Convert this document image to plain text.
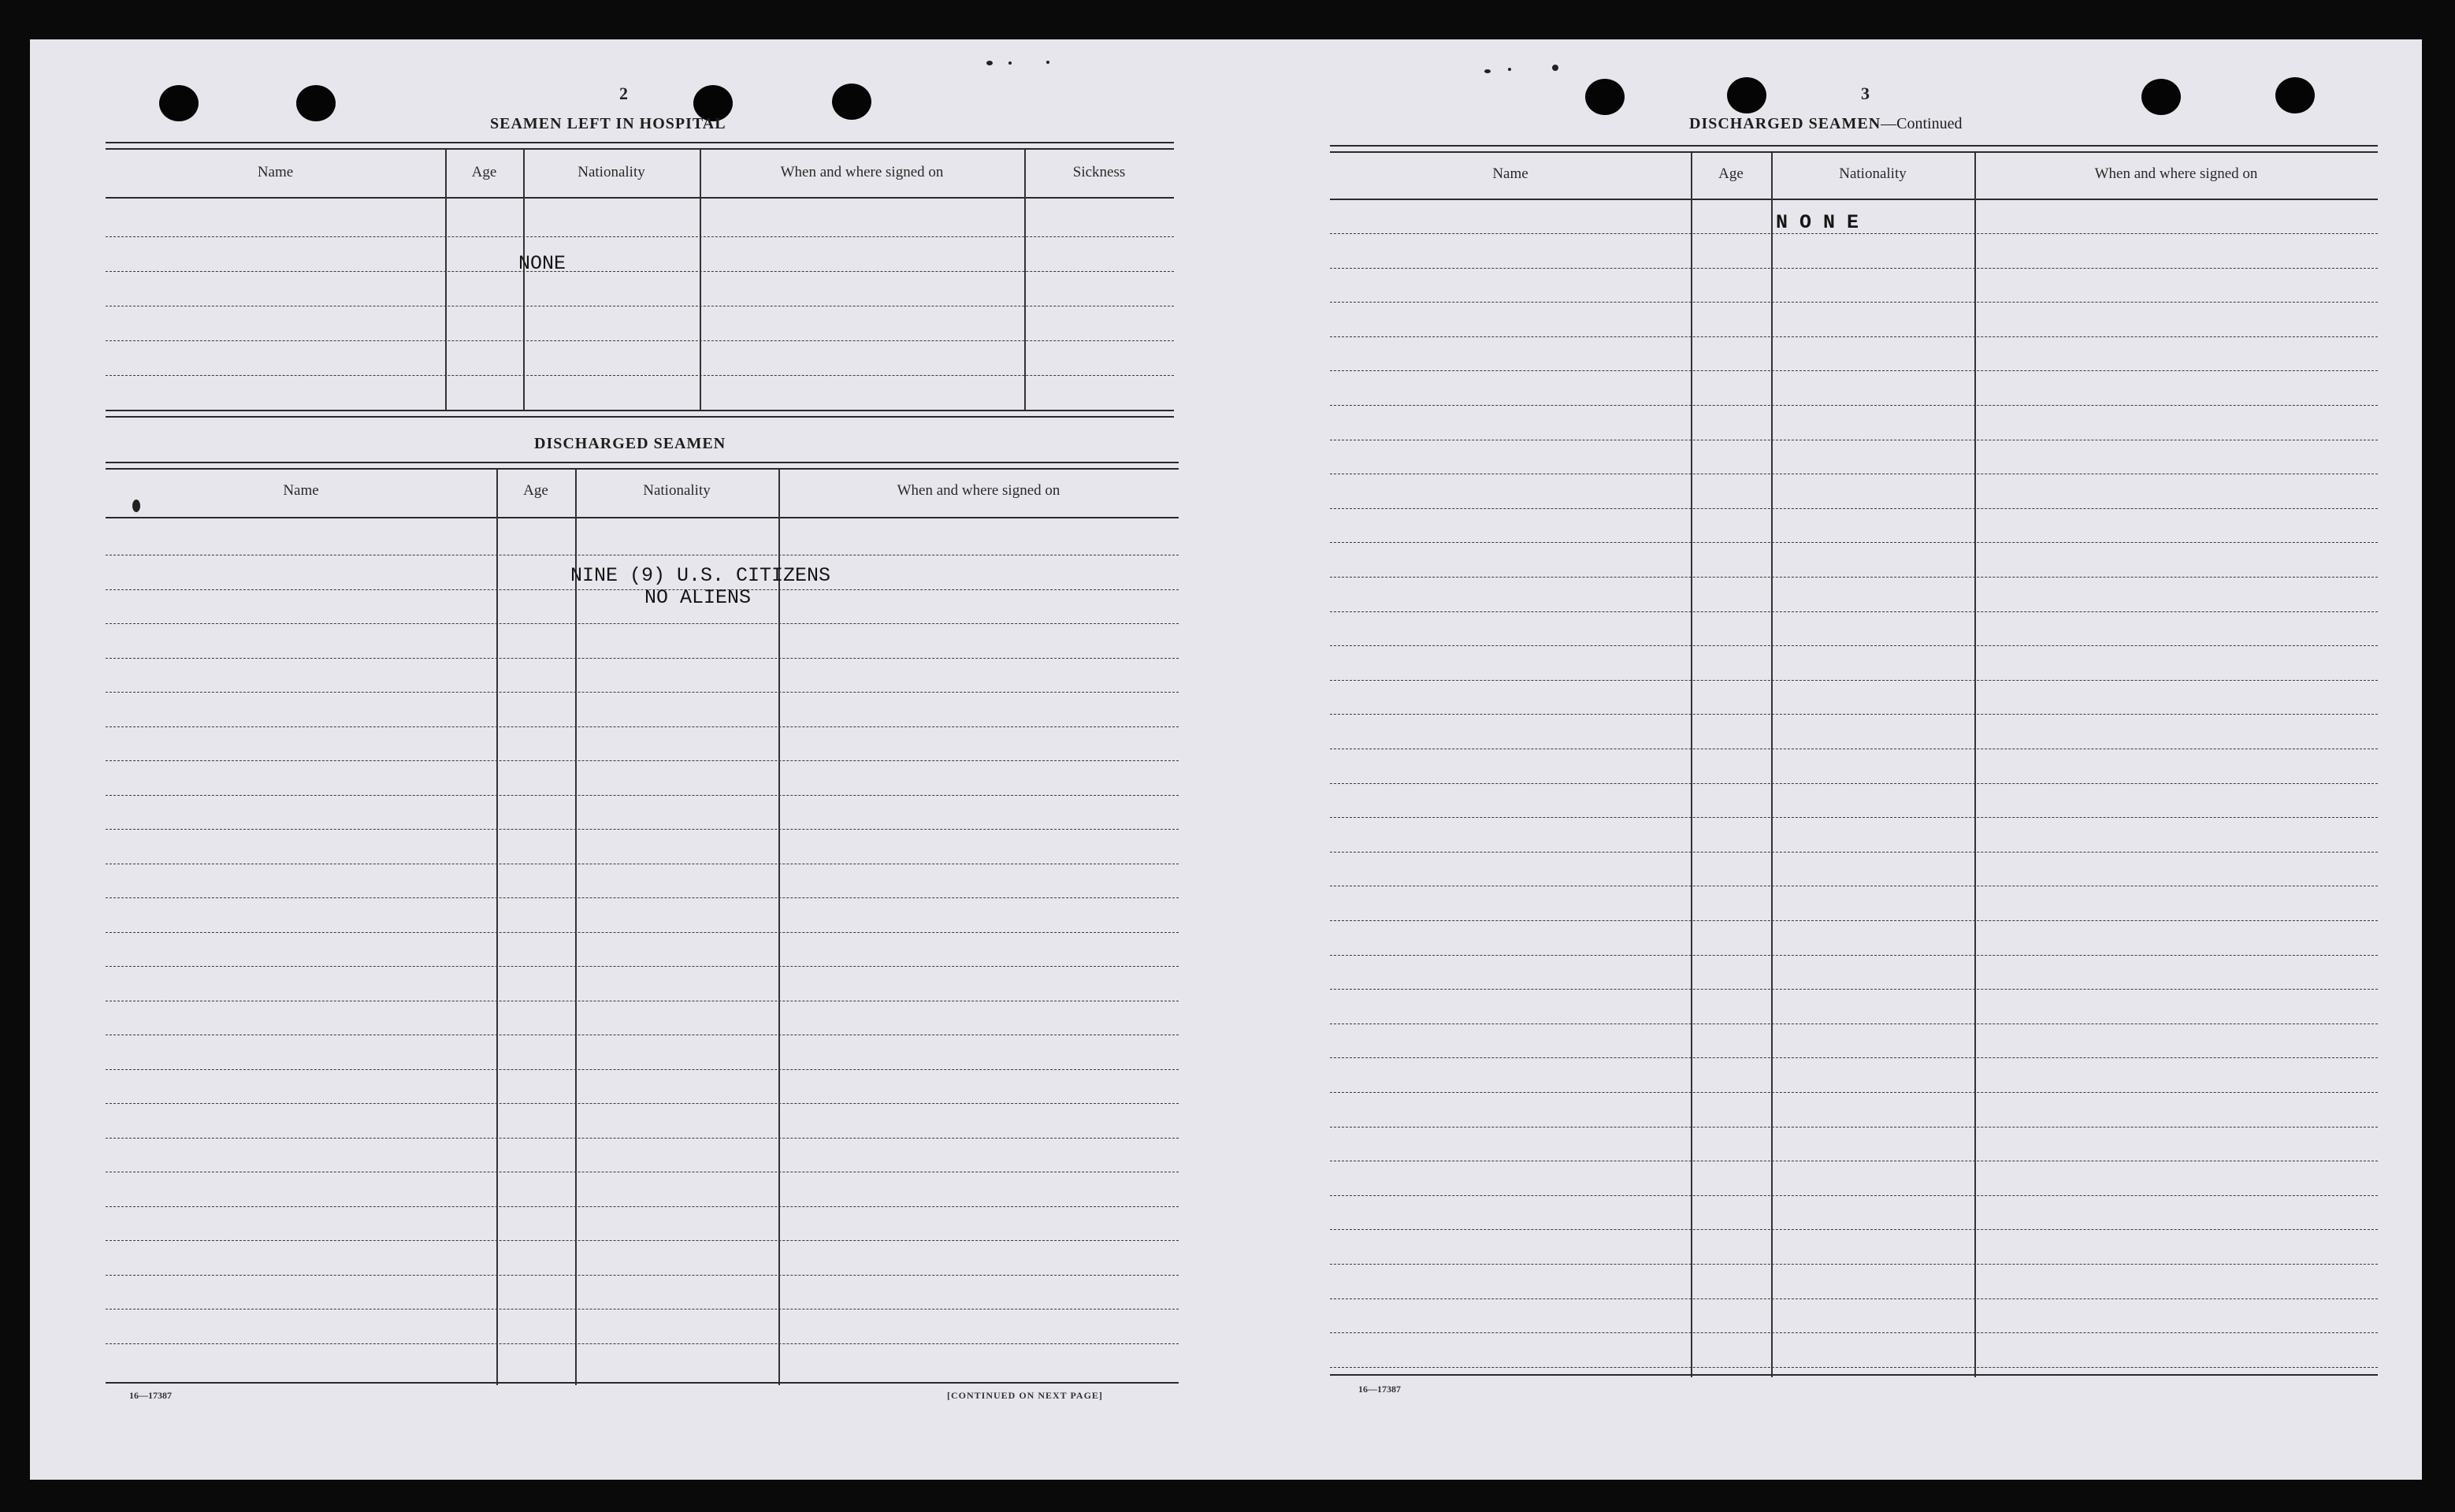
2
SEAMEN LEFT IN HOSPITAL
Name	Age	Nationality	When and where signed on	Sickness
NONE
DISCHARGED SEAMEN
Name	Age	Nationality	When and where signed on
NINE (9) U.S. CITIZENS
NO ALIENS
16—17387	[CONTINUED ON NEXT PAGE]
3
DISCHARGED SEAMEN—Continued
Name	Age	Nationality	When and where signed on
N O N E
16—17387
